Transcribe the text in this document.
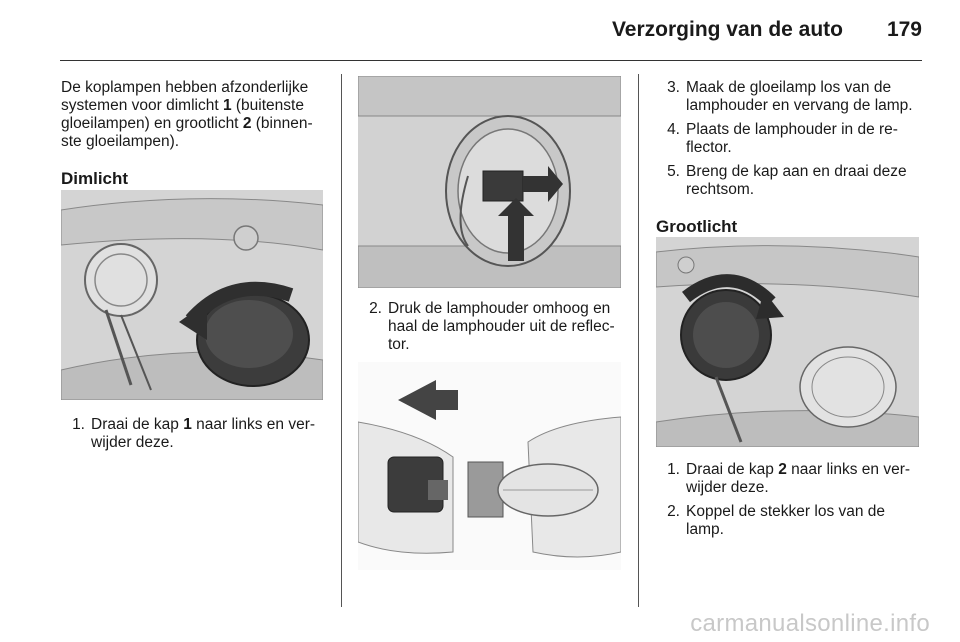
Verzorging van de auto	179

De koplampen hebben afzonderlijke systemen voor dimlicht 1 (buitenste gloeilampen) en grootlicht 2 (binnen-ste gloeilampen).

Dimlicht
1. Draai de kap 1 naar links en ver-wijder deze.
2. Druk de lamphouder omhoog en haal de lamphouder uit de reflec-tor.
3. Maak de gloeilamp los van de lamphouder en vervang de lamp.
4. Plaats de lamphouder in de re-flector.
5. Breng de kap aan en draai deze rechtsom.
Grootlicht
1. Draai de kap 2 naar links en ver-wijder deze.
2. Koppel de stekker los van de lamp.
carmanualsonline.info
